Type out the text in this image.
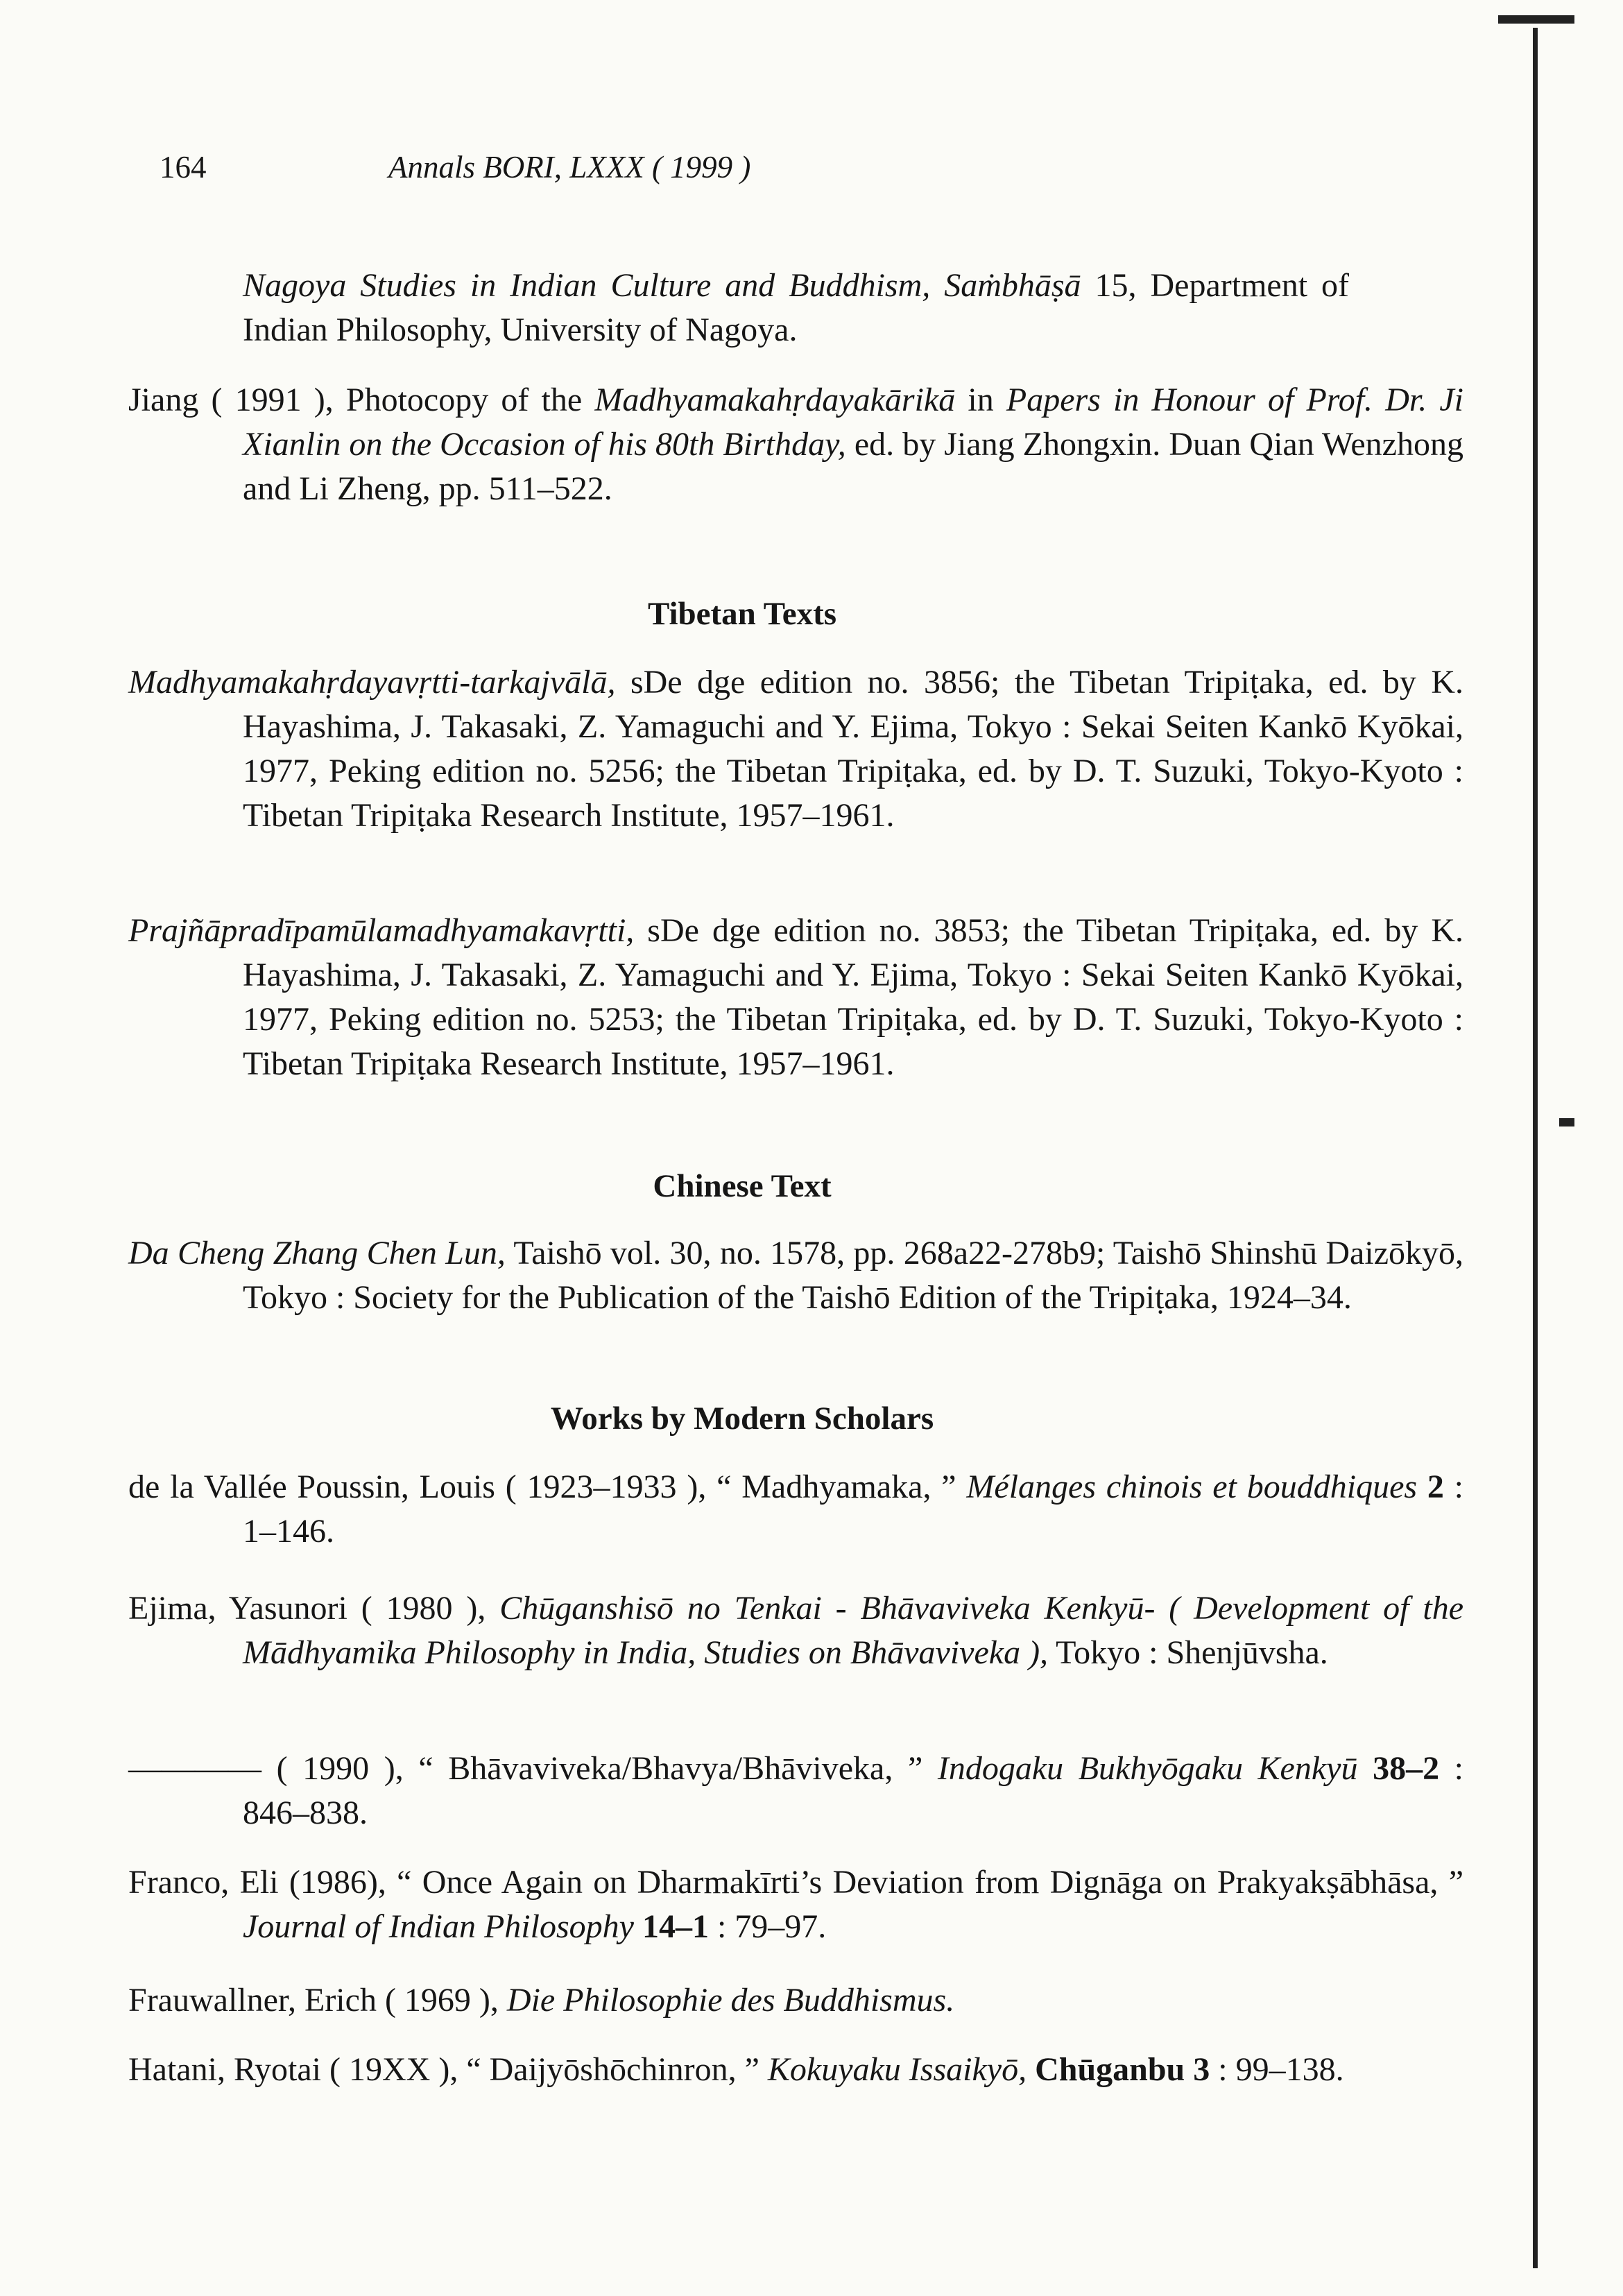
164	Annals BORI, LXXX ( 1999 )
Nagoya Studies in Indian Culture and Buddhism, Saṁbhāṣā 15, Department of Indian Philosophy, University of Nagoya.
Jiang ( 1991 ), Photocopy of the Madhyamakahṛdayakārikā in Papers in Honour of Prof. Dr. Ji Xianlin on the Occasion of his 80th Birthday, ed. by Jiang Zhongxin. Duan Qian Wenzhong and Li Zheng, pp. 511–522.
Tibetan Texts
Madhyamakahṛdayavṛtti-tarkajvālā, sDe dge edition no. 3856; the Tibetan Tripiṭaka, ed. by K. Hayashima, J. Takasaki, Z. Yamaguchi and Y. Ejima, Tokyo : Sekai Seiten Kankō Kyōkai, 1977, Peking edition no. 5256; the Tibetan Tripiṭaka, ed. by D. T. Suzuki, Tokyo-Kyoto : Tibetan Tripiṭaka Research Institute, 1957–1961.
Prajñāpradīpamūlamadhyamakavṛtti, sDe dge edition no. 3853; the Tibetan Tripiṭaka, ed. by K. Hayashima, J. Takasaki, Z. Yamaguchi and Y. Ejima, Tokyo : Sekai Seiten Kankō Kyōkai, 1977, Peking edition no. 5253; the Tibetan Tripiṭaka, ed. by D. T. Suzuki, Tokyo-Kyoto : Tibetan Tripiṭaka Research Institute, 1957–1961.
Chinese Text
Da Cheng Zhang Chen Lun, Taishō vol. 30, no. 1578, pp. 268a22-278b9; Taishō Shinshū Daizōkyō, Tokyo : Society for the Publication of the Taishō Edition of the Tripiṭaka, 1924–34.
Works by Modern Scholars
de la Vallée Poussin, Louis ( 1923–1933 ), “ Madhyamaka, ” Mélanges chinois et bouddhiques 2 : 1–146.
Ejima, Yasunori ( 1980 ), Chūganshisō no Tenkai - Bhāvaviveka Kenkyū- ( Development of the Mādhyamika Philosophy in India, Studies on Bhāvaviveka ), Tokyo : Shenjūvsha.
———— ( 1990 ), “ Bhāvaviveka/Bhavya/Bhāviveka, ” Indogaku Bukhyōgaku Kenkyū 38–2 : 846–838.
Franco, Eli (1986), “ Once Again on Dharmakīrti’s Deviation from Dignāga on Prakyakṣābhāsa, ” Journal of Indian Philosophy 14–1 : 79–97.
Frauwallner, Erich ( 1969 ), Die Philosophie des Buddhismus.
Hatani, Ryotai ( 19XX ), “ Daijyōshōchinron, ” Kokuyaku Issaikyō, Chūganbu 3 : 99–138.
